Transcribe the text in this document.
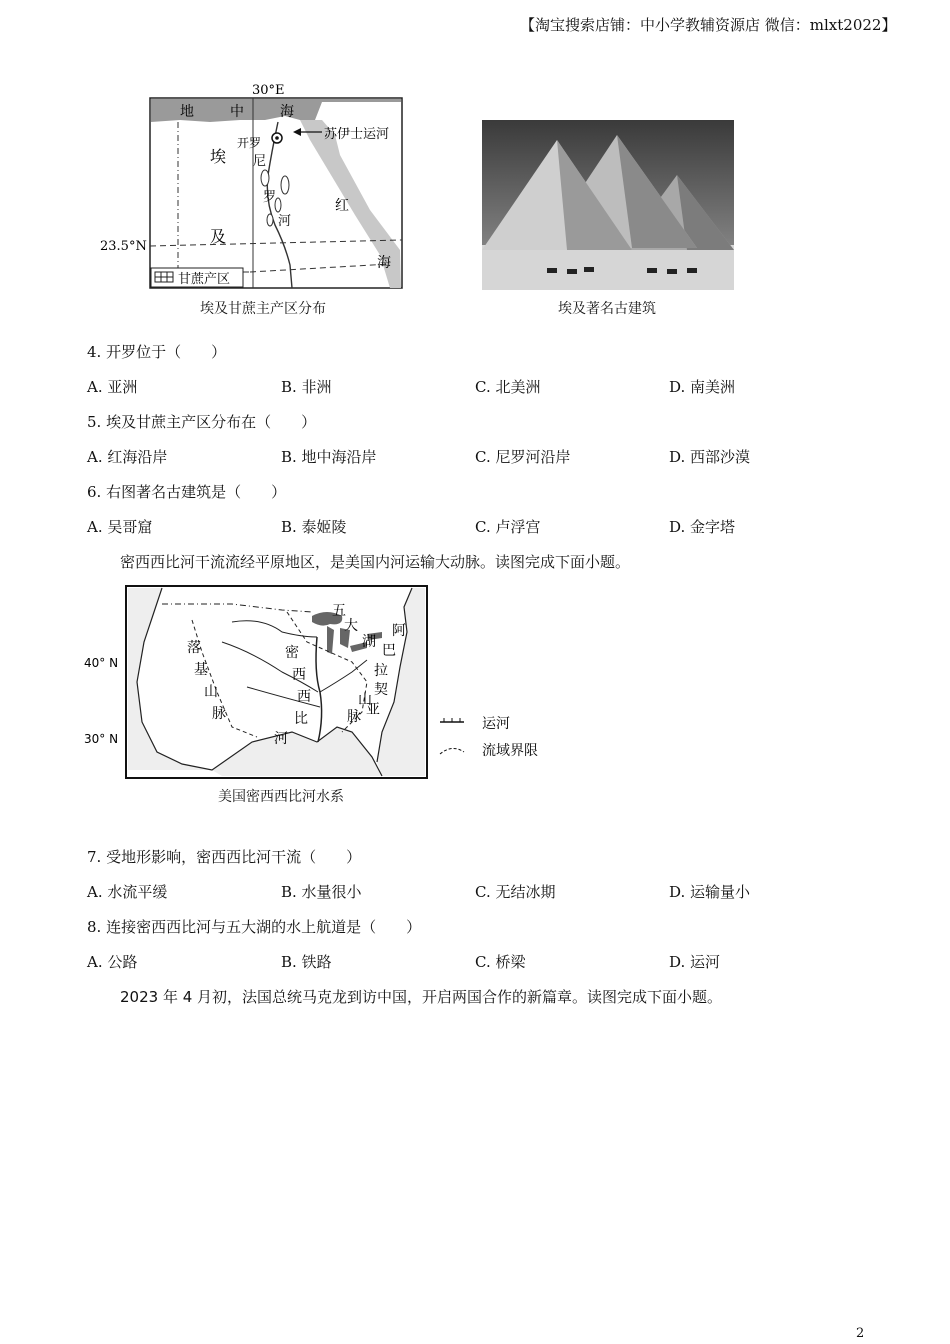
【淘宝搜索店铺：中小学教辅资源店 微信：mlxt2022】
30°E
地	中	海
埃
及
开罗
尼
罗
河
红
海
苏伊士运河
23.5°N
甘蔗产区
埃及甘蔗主产区分布	埃及著名古建筑
4. 开罗位于（　　）
A. 亚洲	B. 非洲	C. 北美洲	D. 南美洲
5. 埃及甘蔗主产区分布在（　　）
A. 红海沿岸	B. 地中海沿岸	C. 尼罗河沿岸	D. 西部沙漠
6. 右图著名古建筑是（　　）
A. 吴哥窟	B. 泰姬陵	C. 卢浮宫	D. 金字塔
密西西比河干流流经平原地区，是美国内河运输大动脉。读图完成下面小题。
运河
流域界限
40° N
30° N
落
基
山
脉
密
西
西
比
河
五
大
湖
阿
巴
拉
契
亚
山
脉
美国密西西比河水系
7. 受地形影响，密西西比河干流（　　）
A. 水流平缓	B. 水量很小	C. 无结冰期	D. 运输量小
8. 连接密西西比河与五大湖的水上航道是（　　）
A. 公路	B. 铁路	C. 桥梁	D. 运河
2023 年 4 月初，法国总统马克龙到访中国，开启两国合作的新篇章。读图完成下面小题。
2
